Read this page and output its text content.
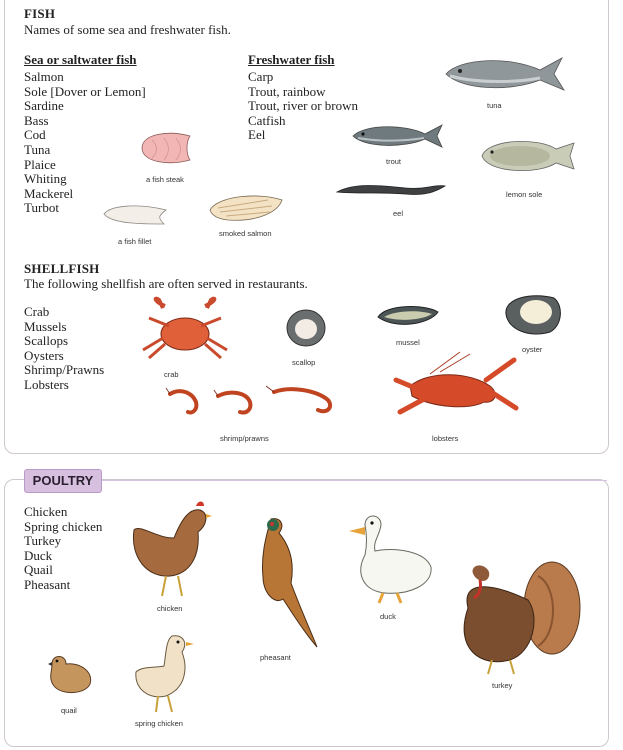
FISH
Names of some sea and freshwater fish.
Sea or saltwater fish
Salmon
Sole [Dover or Lemon]
Sardine
Bass
Cod
Tuna
Plaice
Whiting
Mackerel
Turbot
Freshwater fish
Carp
Trout, rainbow
Trout, river or brown
Catfish
Eel
tuna
trout
lemon sole
eel
a fish steak
smoked salmon
a fish fillet
SHELLFISH
The following shellfish are often served in restaurants.
Crab
Mussels
Scallops
Oysters
Shrimp/Prawns
Lobsters
crab
scallop
mussel
oyster
shrimp/prawns	lobsters
POULTRY
Chicken
Spring chicken
Turkey
Duck
Quail
Pheasant
chicken
pheasant
duck
turkey
quail
spring chicken
